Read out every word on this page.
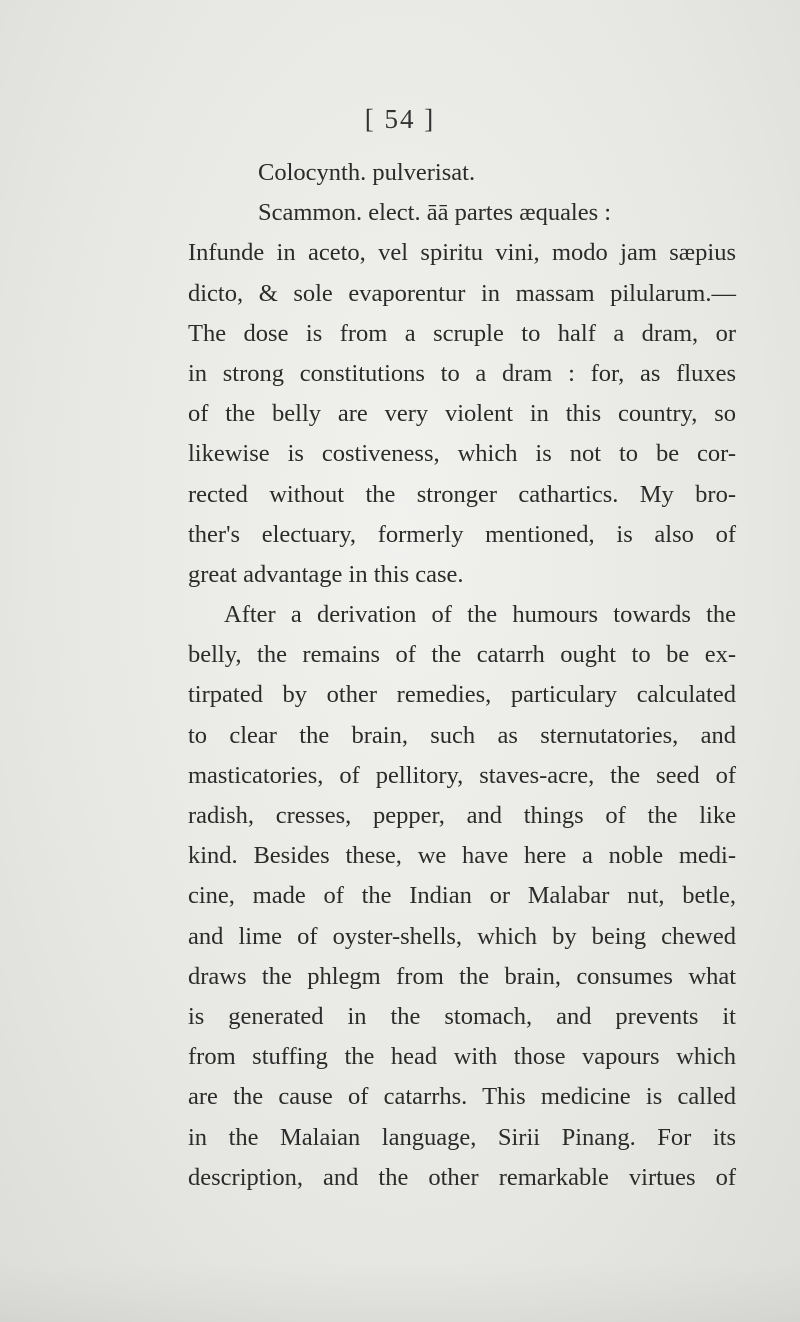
[ 54 ]
Colocynth. pulverisat.
Scammon. elect. āā partes æquales :
Infunde in aceto, vel spiritu vini, modo jam sæpius
dicto, & sole evaporentur in massam pilularum.—
The dose is from a scruple to half a dram, or
in strong constitutions to a dram : for, as fluxes
of the belly are very violent in this country, so
likewise is costiveness, which is not to be cor-
rected without the stronger cathartics. My bro-
ther's electuary, formerly mentioned, is also of
great advantage in this case.
After a derivation of the humours towards the
belly, the remains of the catarrh ought to be ex-
tirpated by other remedies, particulary calculated
to clear the brain, such as sternutatories, and
masticatories, of pellitory, staves-acre, the seed of
radish, cresses, pepper, and things of the like
kind. Besides these, we have here a noble medi-
cine, made of the Indian or Malabar nut, betle,
and lime of oyster-shells, which by being chewed
draws the phlegm from the brain, consumes what
is generated in the stomach, and prevents it
from stuffing the head with those vapours which
are the cause of catarrhs. This medicine is called
in the Malaian language, Sirii Pinang. For its
description, and the other remarkable virtues of
